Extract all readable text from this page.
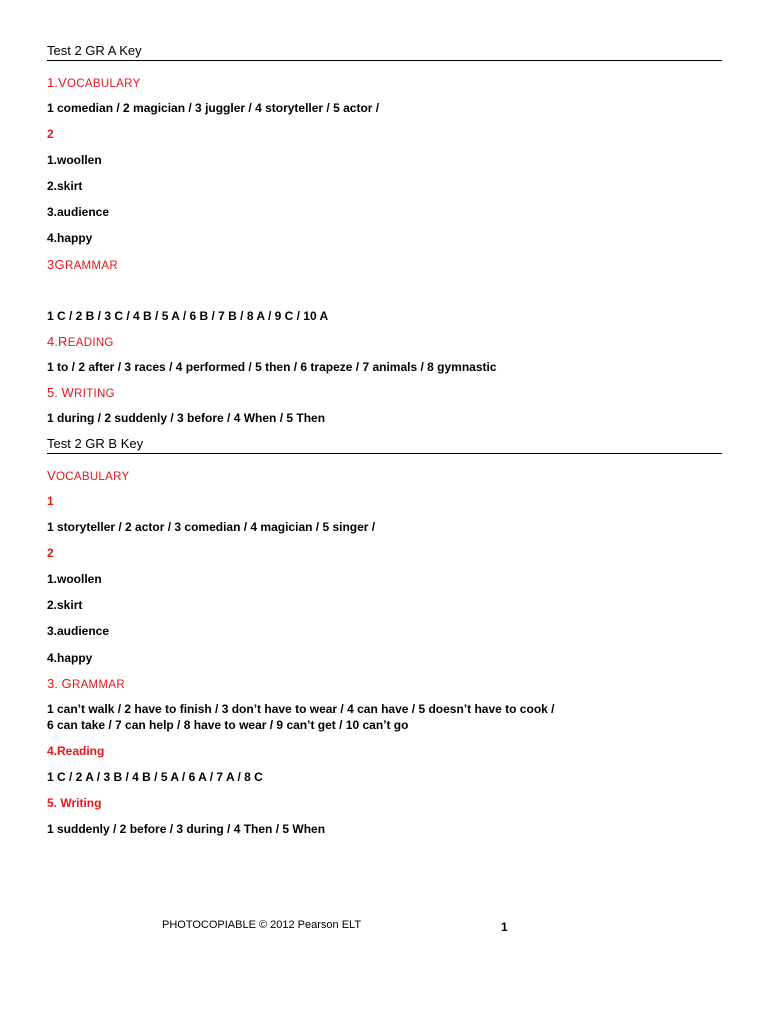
Test 2 GR A Key
1.VOCABULARY
1 comedian / 2 magician / 3 juggler / 4 storyteller / 5 actor /
2
1.woollen
2.skirt
3.audience
4.happy
3GRAMMAR
1 C / 2 B / 3 C / 4 B / 5 A / 6 B / 7 B / 8 A / 9 C / 10 A
4.READING
1 to / 2 after / 3 races / 4 performed / 5 then / 6 trapeze / 7 animals / 8 gymnastic
5. WRITING
1 during / 2 suddenly / 3 before / 4 When / 5 Then
Test 2 GR B Key
VOCABULARY
1
1 storyteller / 2 actor / 3 comedian / 4 magician / 5 singer /
2
1.woollen
2.skirt
3.audience
4.happy
3. GRAMMAR
1 can’t walk / 2 have to finish / 3 don’t have to wear / 4 can have / 5 doesn’t have to cook /
6 can take / 7 can help / 8 have to wear / 9 can’t get / 10 can’t go
4.Reading
1 C / 2 A / 3 B / 4 B / 5 A / 6 A / 7 A / 8 C
5. Writing
1 suddenly / 2 before / 3 during / 4 Then / 5 When
PHOTOCOPIABLE © 2012 Pearson ELT	1
